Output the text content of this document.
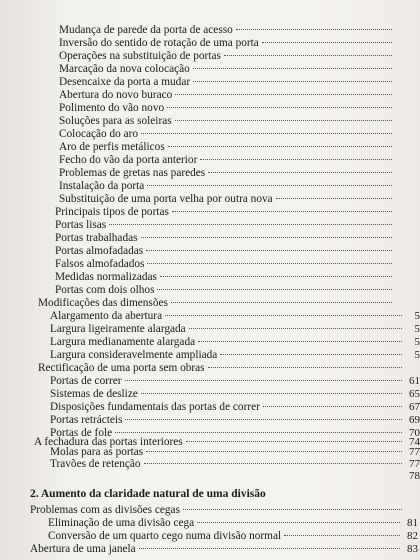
Mudança de parede da porta de acesso
Inversão do sentido de rotação de uma porta
Operações na substituição de portas
Marcação da nova colocação
Desencaixe da porta a mudar
Abertura do novo buraco
Polimento do vão novo
Soluções para as soleiras
Colocação do aro
Aro de perfis metálicos
Fecho do vão da porta anterior
Problemas de gretas nas paredes
Instalação da porta
Substituição de uma porta velha por outra nova
Principais tipos de portas
Portas lisas
Portas trabalhadas
Portas almofadadas
Falsos almofadados
Medidas normalizadas
Portas com dois olhos
Modificações das dimensões
Alargamento da abertura	5
Largura ligeiramente alargada	5
Largura medianamente alargada	5
Largura consideravelmente ampliada	5
Rectificação de uma porta sem obras
Portas de correr	61
Sistemas de deslize	65
Disposições fundamentais das portas de correr	67
Portas retrácteis	69
Portas de fole	70
A fechadura das portas interiores	74
Molas para as portas	77
Travões de retenção	77
78
2. Aumento da claridade natural de uma divisão
Problemas com as divisões cegas
Eliminação de uma divisão cega	81
Conversão de um quarto cego numa divisão normal	82
Abertura de uma janela	83
